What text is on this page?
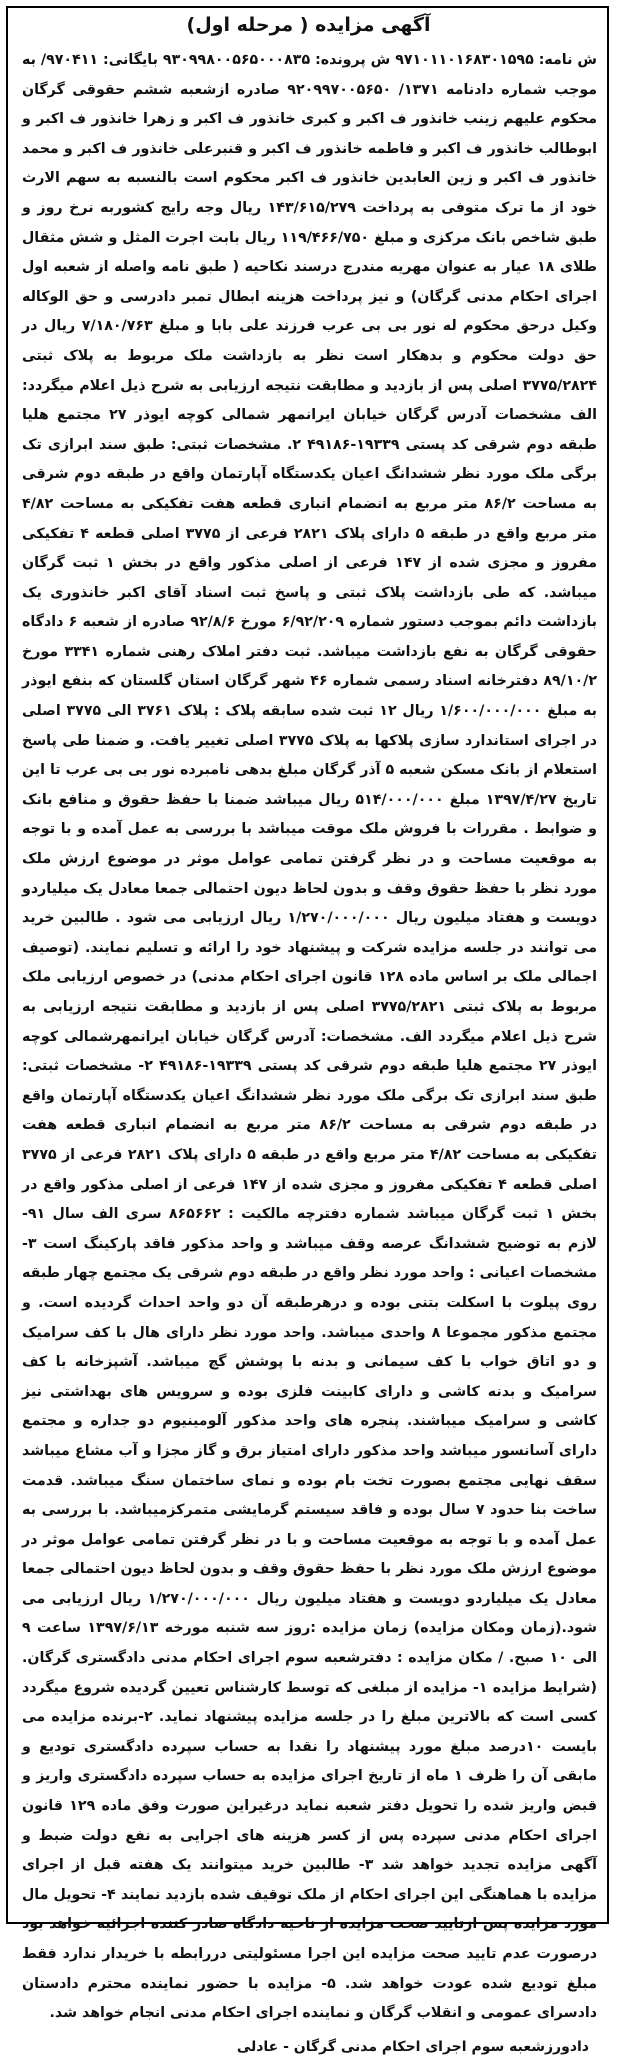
آگهی مزایده ( مرحله اول)

ش نامه: ۹۷۱۰۱۱۰۱۶۸۳۰۱۵۹۵ ش پرونده: ۹۳۰۹۹۸۰۰۵۶۵۰۰۰۸۳۵ بایگانی: ۹۷۰۴۱۱/ به موجب شماره دادنامه ۱۳۷۱/ ۹۲۰۹۹۷۰۰۵۶۵۰ صادره ازشعبه ششم حقوقی گرگان محکوم علیهم زینب خانذور ف اکبر و کبری خانذور ف اکبر و زهرا خانذور ف اکبر و ابوطالب خانذور ف اکبر و فاطمه خانذور ف اکبر و قنبرعلی خانذور ف اکبر و محمد خانذور ف اکبر و زین العابدین خانذور ف اکبر محکوم است بالنسبه به سهم الارث خود از ما ترک متوفی به پرداخت ۱۴۳/۶۱۵/۲۷۹ ریال وجه رایج کشوربه نرخ روز و طبق شاخص بانک مرکزی و مبلغ ۱۱۹/۴۶۶/۷۵۰ ریال بابت اجرت المثل و شش مثقال طلای ۱۸ عیار به عنوان مهریه مندرج درسند نکاحیه ( طبق نامه واصله از شعبه اول اجرای احکام مدنی گرگان) و نیز پرداخت هزینه ابطال تمبر دادرسی و حق الوکاله وکیل درحق محکوم له نور بی بی عرب فرزند علی بابا و مبلغ ۷/۱۸۰/۷۶۳ ریال در حق دولت محکوم و بدهکار است نظر به بازداشت ملک مربوط به پلاک ثبتی ۳۷۷۵/۲۸۲۴ اصلی پس از بازدید و مطابقت نتیجه ارزیابی به شرح ذیل اعلام میگردد: الف مشخصات آدرس گرگان خیابان ایرانمهر شمالی کوچه ایوذر ۲۷ مجتمع هلیا طبقه دوم شرقی کد پستی ۱۹۳۳۹-۴۹۱۸۶ ۲. مشخصات ثبتی: طبق سند ابرازی تک برگی ملک مورد نظر ششدانگ اعیان یکدستگاه آپارتمان واقع در طبقه دوم شرقی به مساحت ۸۶/۲ متر مربع به انضمام انباری قطعه هفت تفکیکی به مساحت ۴/۸۲ متر مربع واقع در طبقه ۵ دارای پلاک ۲۸۲۱ فرعی از ۳۷۷۵ اصلی قطعه ۴ تفکیکی مفروز و مجزی شده از ۱۴۷ فرعی از اصلی مذکور واقع در بخش ۱ ثبت گرگان میباشد. که طی بازداشت پلاک ثبتی و پاسخ ثبت اسناد آقای اکبر خانذوری یک بازداشت دائم بموجب دستور شماره ۶/۹۲/۲۰۹ مورخ ۹۲/۸/۶ صادره از شعبه ۶ دادگاه حقوقی گرگان به نفع بازداشت میباشد. ثبت دفتر املاک رهنی شماره ۳۳۴۱ مورخ ۸۹/۱۰/۲ دفترخانه اسناد رسمی شماره ۴۶ شهر گرگان استان گلستان که بنفع ایوذر به مبلغ ۱/۶۰۰/۰۰۰/۰۰۰ ریال ۱۲ ثبت شده سابقه پلاک : پلاک ۳۷۶۱ الی ۳۷۷۵ اصلی در اجرای استاندارد سازی پلاکها به پلاک ۳۷۷۵ اصلی تغییر یافت. و ضمنا طی پاسخ استعلام از بانک مسکن شعبه ۵ آذر گرگان مبلغ بدهی نامبرده نور بی بی عرب تا این تاریخ ۱۳۹۷/۴/۲۷ مبلغ ۵۱۴/۰۰۰/۰۰۰ ریال میباشد ضمنا با حفظ حقوق و منافع بانک و ضوابط . مقررات با فروش ملک موقت میباشد با بررسی به عمل آمده و با توجه به موقعیت مساحت و در نظر گرفتن تمامی عوامل موثر در موضوع ارزش ملک مورد نظر با حفظ حقوق وقف و بدون لحاظ دیون احتمالی جمعا معادل یک میلیاردو دویست و هفتاد میلیون ریال ۱/۲۷۰/۰۰۰/۰۰۰ ریال ارزیابی می شود . طالبین خرید می توانند در جلسه مزایده شرکت و پیشنهاد خود را ارائه و تسلیم نمایند. (توصیف اجمالی ملک بر اساس ماده ۱۲۸ قانون اجرای احکام مدنی) در خصوص ارزیابی ملک مربوط به پلاک ثبتی ۳۷۷۵/۲۸۲۱ اصلی پس از بازدید و مطابقت نتیجه ارزیابی به شرح ذیل اعلام میگردد الف. مشخصات: آدرس گرگان خیابان ایرانمهرشمالی کوچه ایوذر ۲۷ مجتمع هلیا طبقه دوم شرقی کد پستی ۱۹۳۳۹-۴۹۱۸۶ ۲- مشخصات ثبتی: طبق سند ابرازی تک برگی ملک مورد نظر ششدانگ اعیان یکدستگاه آپارتمان واقع در طبقه دوم شرقی به مساحت ۸۶/۲ متر مربع به انضمام انباری قطعه هفت تفکیکی به مساحت ۴/۸۲ متر مربع واقع در طبقه ۵ دارای پلاک ۲۸۲۱ فرعی از ۳۷۷۵ اصلی قطعه ۴ تفکیکی مفروز و مجزی شده از ۱۴۷ فرعی از اصلی مذکور واقع در بخش ۱ ثبت گرگان میباشد شماره دفترچه مالکیت : ۸۶۵۶۶۲ سری الف سال ۹۱- لازم به توضیح ششدانگ عرصه وقف میباشد و واحد مذکور فاقد پارکینگ است ۳- مشخصات اعیانی : واحد مورد نظر واقع در طبقه دوم شرقی یک مجتمع چهار طبقه روی پیلوت با اسکلت بتنی بوده و درهرطبقه آن دو واحد احداث گردیده است. و مجتمع مذکور مجموعا ۸ واحدی میباشد. واحد مورد نظر دارای هال با کف سرامیک و دو اتاق خواب با کف سیمانی و بدنه با پوشش گچ میباشد. آشپزخانه با کف سرامیک و بدنه کاشی و دارای کابینت فلزی بوده و سرویس های بهداشتی نیز کاشی و سرامیک میباشند. پنجره های واحد مذکور آلومینیوم دو جداره و مجتمع دارای آسانسور میباشد واحد مذکور دارای امتیاز برق و گاز مجزا و آب مشاع میباشد سقف نهایی مجتمع بصورت تخت بام بوده و نمای ساختمان سنگ میباشد. قدمت ساخت بنا حدود ۷ سال بوده و فاقد سیستم گرمایشی متمرکزمیباشد. با بررسی به عمل آمده و با توجه به موقعیت مساحت و با در نظر گرفتن تمامی عوامل موثر در موضوع ارزش ملک مورد نظر با حفظ حقوق وقف و بدون لحاظ دیون احتمالی جمعا معادل یک میلیاردو دویست و هفتاد میلیون ریال ۱/۲۷۰/۰۰۰/۰۰۰ ریال ارزیابی می شود.(زمان ومکان مزایده) زمان مزایده :روز سه شنبه مورخه ۱۳۹۷/۶/۱۳ ساعت ۹ الی ۱۰ صبح. / مکان مزایده : دفترشعبه سوم اجرای احکام مدنی دادگستری گرگان. (شرایط مزایده ۱- مزایده از مبلغی که توسط کارشناس تعیین گردیده شروع میگردد کسی است که بالاترین مبلغ را در جلسه مزایده پیشنهاد نماید. ۲-برنده مزایده می بایست ۱۰درصد مبلغ مورد پیشنهاد را نقدا به حساب سپرده دادگستری تودیع و مابقی آن را ظرف ۱ ماه از تاریخ اجرای مزایده به حساب سپرده دادگستری واریز و قبض واریز شده را تحویل دفتر شعبه نماید درغیراین صورت وفق ماده ۱۲۹ قانون اجرای احکام مدنی سپرده پس از کسر هزینه های اجرایی به نفع دولت ضبط و آگهی مزایده تجدید خواهد شد ۳- طالبین خرید میتوانند یک هفته قبل از اجرای مزایده با هماهنگی این اجرای احکام از ملک توقیف شده بازدید نمایند ۴- تحویل مال مورد مزایده پس ازتایید صحت مزایده از ناحیه دادگاه صادر کننده اجرائیه خواهد بود درصورت عدم تایید صحت مزایده این اجرا مسئولیتی دررابطه با خریدار ندارد فقط مبلغ تودیع شده عودت خواهد شد. ۵- مزایده با حضور نماینده محترم دادستان دادسرای عمومی و انقلاب گرگان و نماینده اجرای احکام مدنی انجام خواهد شد.

دادورزشعبه سوم اجرای احکام مدنی گرگان - عادلی
